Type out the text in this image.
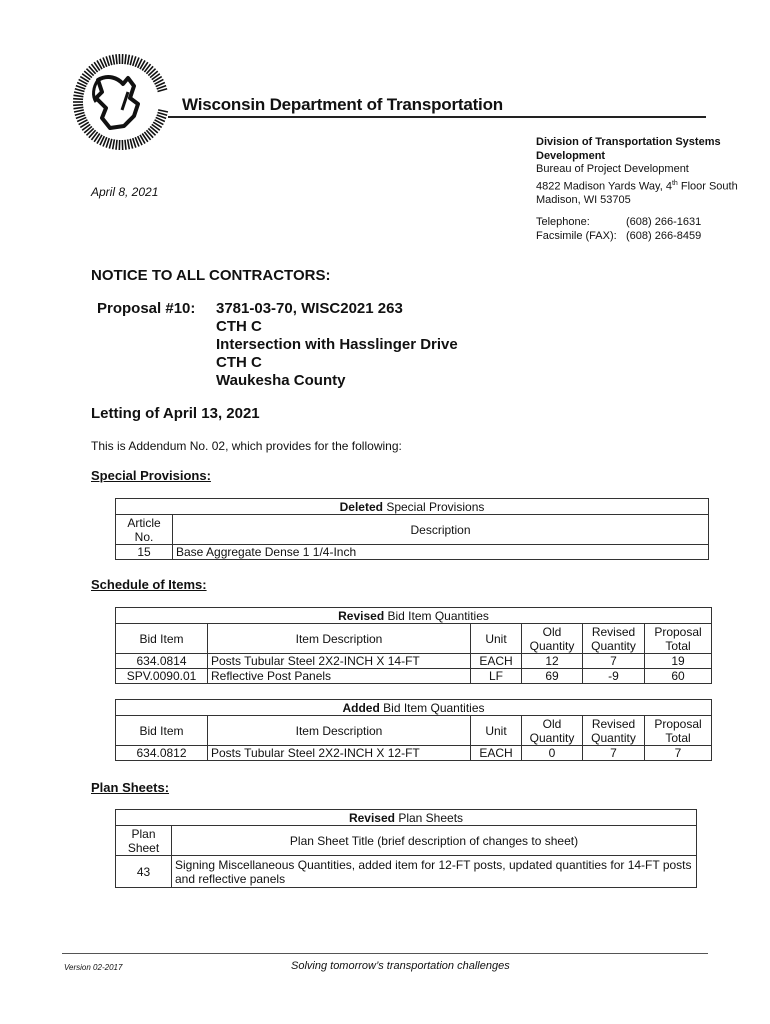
Wisconsin Department of Transportation
Division of Transportation Systems
Development
Bureau of Project Development
4822 Madison Yards Way, 4th Floor South
Madison, WI 53705
Telephone:	(608) 266-1631
Facsimile (FAX): (608) 266-8459
April 8, 2021
NOTICE TO ALL CONTRACTORS:
Proposal #10: 3781-03-70, WISC2021 263
CTH C
Intersection with Hasslinger Drive
CTH C
Waukesha County
Letting of April 13, 2021
This is Addendum No. 02, which provides for the following:
Special Provisions:
Deleted Special Provisions	
Article No.	Description
15	Base Aggregate Dense 1 1/4-Inch
Schedule of Items:
Revised Bid Item Quantities					
Bid Item	Item Description	Unit	Old Quantity	Revised Quantity	Proposal Total
634.0814	Posts Tubular Steel 2X2-INCH X 14-FT	EACH	12	7	19
SPV.0090.01	Reflective Post Panels	LF	69	-9	60
Added Bid Item Quantities					
Bid Item	Item Description	Unit	Old Quantity	Revised Quantity	Proposal Total
634.0812	Posts Tubular Steel 2X2-INCH X 12-FT	EACH	0	7	7
Plan Sheets:
Revised Plan Sheets	
Plan Sheet	Plan Sheet Title (brief description of changes to sheet)
43	Signing Miscellaneous Quantities, added item for 12-FT posts, updated quantities for 14-FT posts and reflective panels
Version 02-2017	Solving tomorrow’s transportation challenges
